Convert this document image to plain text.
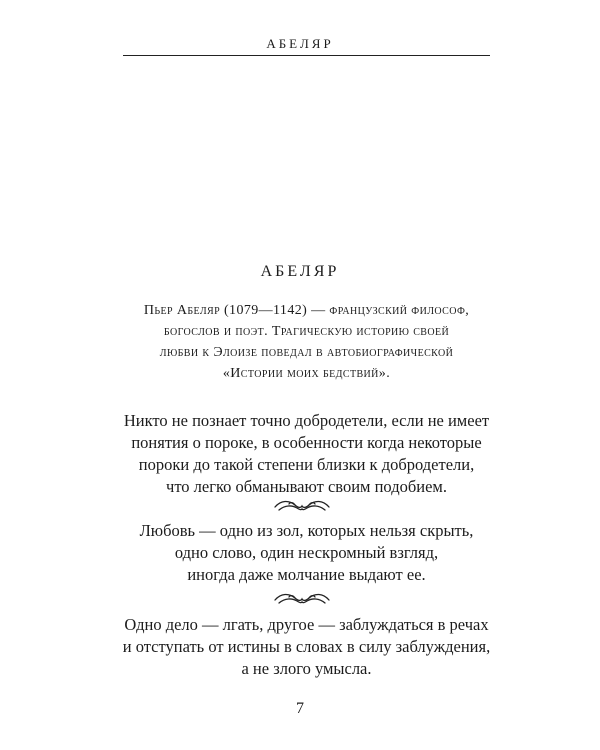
АБЕЛЯР
АБЕЛЯР
Пьер Абеляр (1079—1142) — французский философ,
богослов и поэт. Трагическую историю своей
любви к Элоизе поведал в автобиографической
«Истории моих бедствий».
Никто не познает точно добродетели, если не имеет
понятия о пороке, в особенности когда некоторые
пороки до такой степени близки к добродетели,
что легко обманывают своим подобием.
Любовь — одно из зол, которых нельзя скрыть,
одно слово, один нескромный взгляд,
иногда даже молчание выдают ее.
Одно дело — лгать, другое — заблуждаться в речах
и отступать от истины в словах в силу заблуждения,
а не злого умысла.
7
